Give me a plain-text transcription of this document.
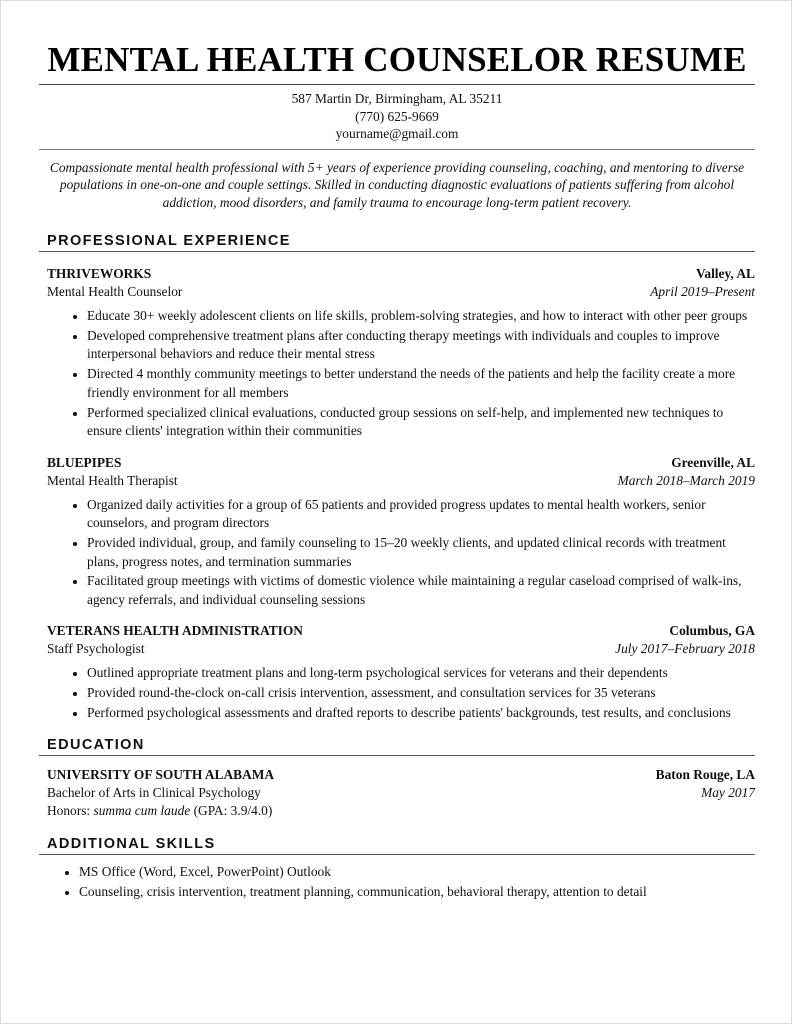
MENTAL HEALTH COUNSELOR RESUME
587 Martin Dr, Birmingham, AL 35211
(770) 625-9669
yourname@gmail.com

Compassionate mental health professional with 5+ years of experience providing counseling, coaching, and mentoring to diverse populations in one-on-one and couple settings. Skilled in conducting diagnostic evaluations of patients suffering from alcohol addiction, mood disorders, and family trauma to encourage long-term patient recovery.

PROFESSIONAL EXPERIENCE
THRIVEWORKS	Valley, AL
Mental Health Counselor	April 2019–Present
• Educate 30+ weekly adolescent clients on life skills, problem-solving strategies, and how to interact with other peer groups
• Developed comprehensive treatment plans after conducting therapy meetings with individuals and couples to improve interpersonal behaviors and reduce their mental stress
• Directed 4 monthly community meetings to better understand the needs of the patients and help the facility create a more friendly environment for all members
• Performed specialized clinical evaluations, conducted group sessions on self-help, and implemented new techniques to ensure clients' integration within their communities
BLUEPIPES	Greenville, AL
Mental Health Therapist	March 2018–March 2019
• Organized daily activities for a group of 65 patients and provided progress updates to mental health workers, senior counselors, and program directors
• Provided individual, group, and family counseling to 15–20 weekly clients, and updated clinical records with treatment plans, progress notes, and termination summaries
• Facilitated group meetings with victims of domestic violence while maintaining a regular caseload comprised of walk-ins, agency referrals, and individual counseling sessions
VETERANS HEALTH ADMINISTRATION	Columbus, GA
Staff Psychologist	July 2017–February 2018
• Outlined appropriate treatment plans and long-term psychological services for veterans and their dependents
• Provided round-the-clock on-call crisis intervention, assessment, and consultation services for 35 veterans
• Performed psychological assessments and drafted reports to describe patients' backgrounds, test results, and conclusions
EDUCATION
UNIVERSITY OF SOUTH ALABAMA	Baton Rouge, LA
Bachelor of Arts in Clinical Psychology	May 2017
Honors: summa cum laude (GPA: 3.9/4.0)
ADDITIONAL SKILLS
• MS Office (Word, Excel, PowerPoint) Outlook
• Counseling, crisis intervention, treatment planning, communication, behavioral therapy, attention to detail
